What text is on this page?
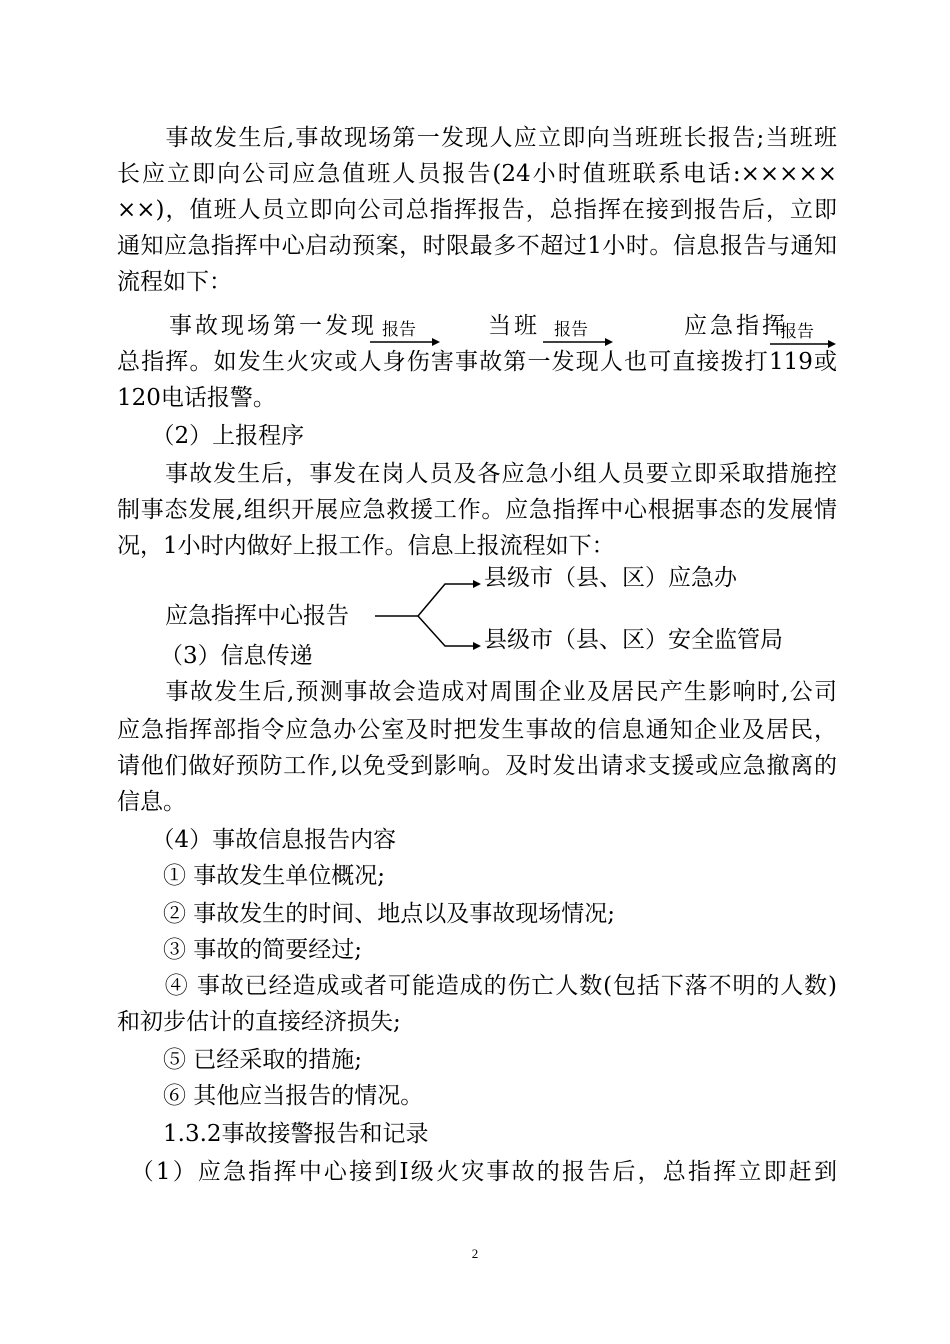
　　事故发生后,事故现场第一发现人应立即向当班班长报告;当班班
长应立即向公司应急值班人员报告(24小时值班联系电话:×××××
××)，值班人员立即向公司总指挥报告，总指挥在接到报告后，立即
通知应急指挥中心启动预案，时限最多不超过1小时。信息报告与通知
流程如下：
　　事故现场第一发现 报告	当班 报告	应急指挥
报告
总指挥。如发生火灾或人身伤害事故第一发现人也可直接拨打119或
120电话报警。
　　（2）上报程序
　　事故发生后，事发在岗人员及各应急小组人员要立即采取措施控
制事态发展,组织开展应急救援工作。应急指挥中心根据事态的发展情
况，1小时内做好上报工作。信息上报流程如下：
县级市（县、区）应急办
应急指挥中心报告
县级市（县、区）安全监管局
（3）信息传递
　　事故发生后,预测事故会造成对周围企业及居民产生影响时,公司
应急指挥部指令应急办公室及时把发生事故的信息通知企业及居民，
请他们做好预防工作,以免受到影响。及时发出请求支援或应急撤离的
信息。
　　（4）事故信息报告内容
　　① 事故发生单位概况;
　　② 事故发生的时间、地点以及事故现场情况;
　　③ 事故的简要经过;
　　④ 事故已经造成或者可能造成的伤亡人数(包括下落不明的人数)
和初步估计的直接经济损失;
　　⑤ 已经采取的措施;
　　⑥ 其他应当报告的情况。
　　1.3.2事故接警报告和记录
　（1）应急指挥中心接到Ⅰ级火灾事故的报告后，总指挥立即赶到
2
